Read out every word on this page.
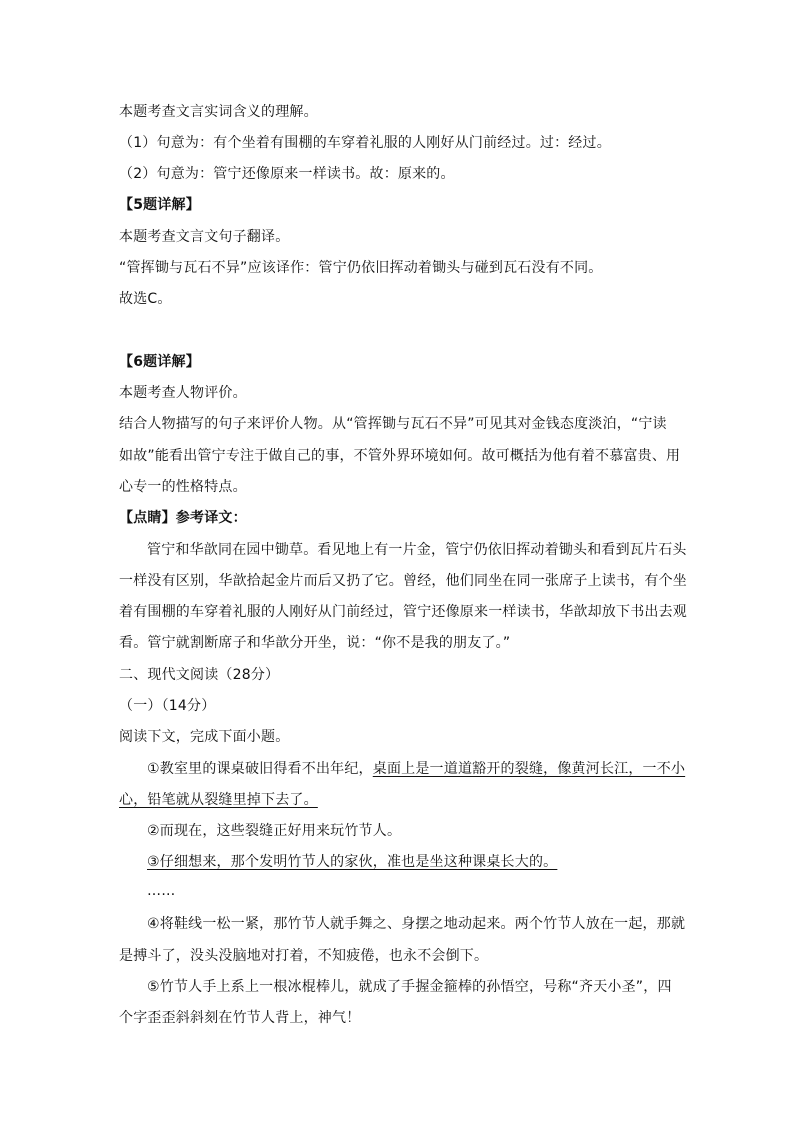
本题考查文言实词含义的理解。
（1）句意为：有个坐着有围棚的车穿着礼服的人刚好从门前经过。过：经过。
（2）句意为：管宁还像原来一样读书。故：原来的。
【5题详解】
本题考查文言文句子翻译。
“管挥锄与瓦石不异”应该译作：管宁仍依旧挥动着锄头与碰到瓦石没有不同。
故选C。
【6题详解】
本题考查人物评价。
结合人物描写的句子来评价人物。从“管挥锄与瓦石不异”可见其对金钱态度淡泊，“宁读
如故”能看出管宁专注于做自己的事，不管外界环境如何。故可概括为他有着不慕富贵、用
心专一的性格特点。
【点睛】参考译文：
管宁和华歆同在园中锄草。看见地上有一片金，管宁仍依旧挥动着锄头和看到瓦片石头
一样没有区别，华歆拾起金片而后又扔了它。曾经，他们同坐在同一张席子上读书，有个坐
着有围棚的车穿着礼服的人刚好从门前经过，管宁还像原来一样读书，华歆却放下书出去观
看。管宁就割断席子和华歆分开坐，说：“你不是我的朋友了。”
二、现代文阅读（28分）
（一）（14分）
阅读下文，完成下面小题。
①教室里的课桌破旧得看不出年纪，桌面上是一道道豁开的裂缝，像黄河长江，一不小
心，铅笔就从裂缝里掉下去了。
②而现在，这些裂缝正好用来玩竹节人。
③仔细想来，那个发明竹节人的家伙，准也是坐这种课桌长大的。
……
④将鞋线一松一紧，那竹节人就手舞之、身摆之地动起来。两个竹节人放在一起，那就
是搏斗了，没头没脑地对打着，不知疲倦，也永不会倒下。
⑤竹节人手上系上一根冰棍棒儿，就成了手握金箍棒的孙悟空，号称“齐天小圣”，四
个字歪歪斜斜刻在竹节人背上，神气！
